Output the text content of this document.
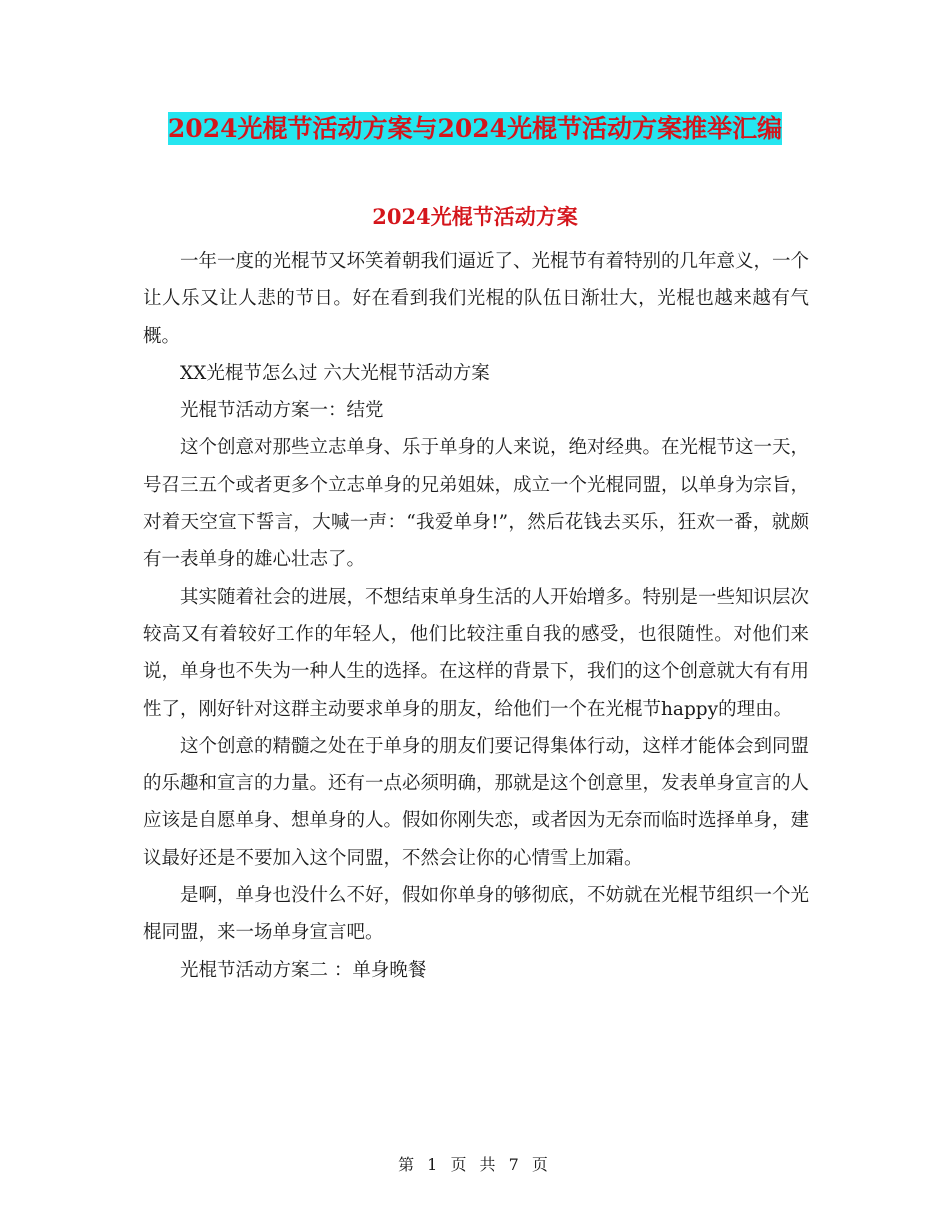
2024光棍节活动方案与2024光棍节活动方案推举汇编
2024光棍节活动方案

一年一度的光棍节又坏笑着朝我们逼近了、光棍节有着特别的几年意义，一个让人乐又让人悲的节日。好在看到我们光棍的队伍日渐壮大，光棍也越来越有气概。

XX光棍节怎么过 六大光棍节活动方案

光棍节活动方案一：结党

这个创意对那些立志单身、乐于单身的人来说，绝对经典。在光棍节这一天，号召三五个或者更多个立志单身的兄弟姐妹，成立一个光棍同盟，以单身为宗旨，对着天空宣下誓言，大喊一声：“我爱单身!”，然后花钱去买乐，狂欢一番，就颇有一表单身的雄心壮志了。

其实随着社会的进展，不想结束单身生活的人开始增多。特别是一些知识层次较高又有着较好工作的年轻人，他们比较注重自我的感受，也很随性。对他们来说，单身也不失为一种人生的选择。在这样的背景下，我们的这个创意就大有有用性了，刚好针对这群主动要求单身的朋友，给他们一个在光棍节happy的理由。

这个创意的精髓之处在于单身的朋友们要记得集体行动，这样才能体会到同盟的乐趣和宣言的力量。还有一点必须明确，那就是这个创意里，发表单身宣言的人应该是自愿单身、想单身的人。假如你刚失恋，或者因为无奈而临时选择单身，建议最好还是不要加入这个同盟，不然会让你的心情雪上加霜。

是啊，单身也没什么不好，假如你单身的够彻底，不妨就在光棍节组织一个光棍同盟，来一场单身宣言吧。

光棍节活动方案二 ：单身晚餐

第 1 页 共 7 页
